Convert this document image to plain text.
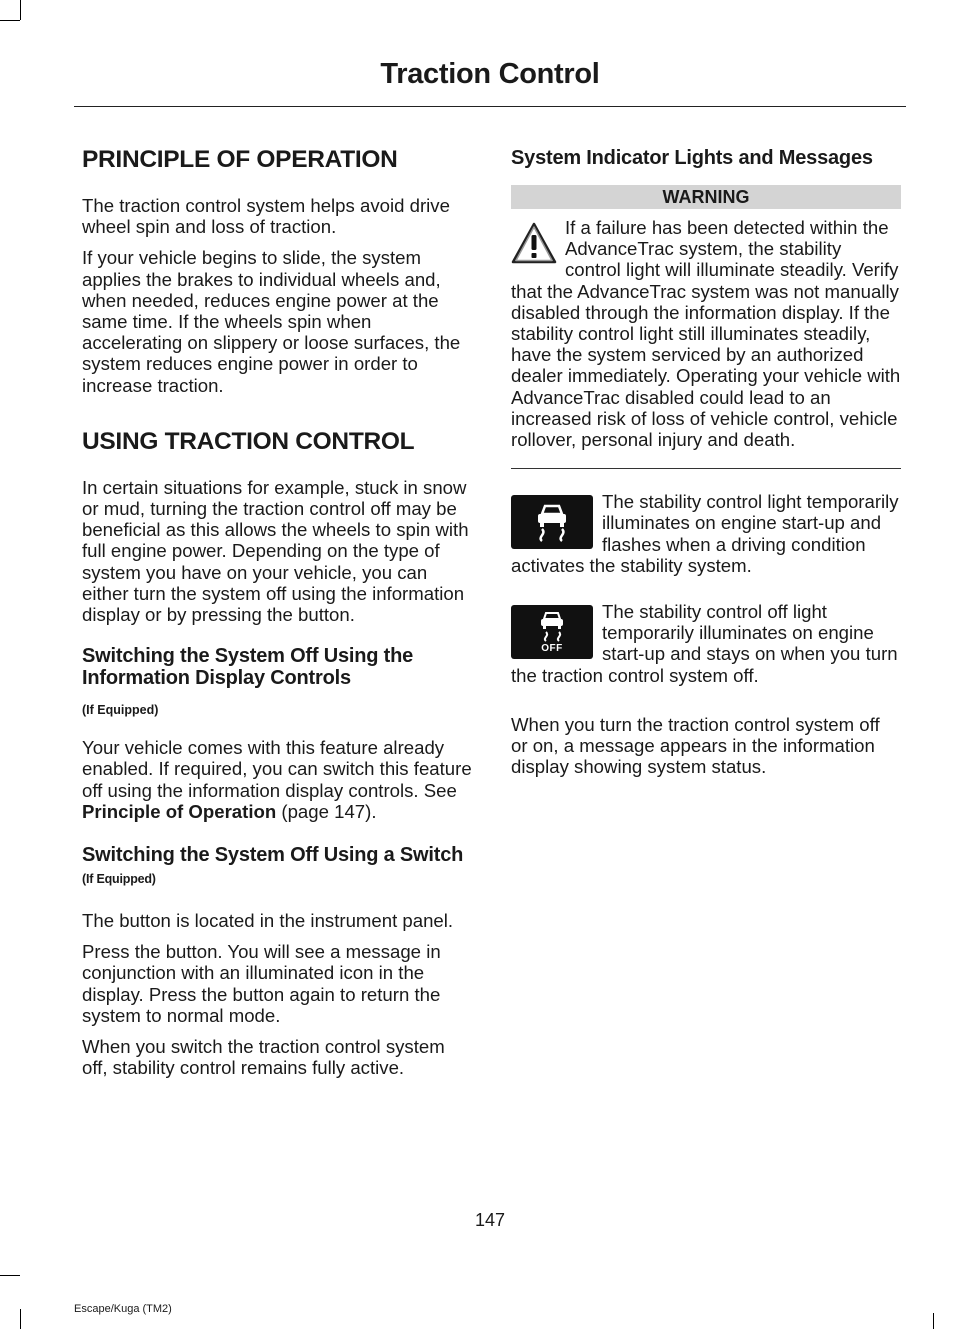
Traction Control
PRINCIPLE OF OPERATION

The traction control system helps avoid drive wheel spin and loss of traction.

If your vehicle begins to slide, the system applies the brakes to individual wheels and, when needed, reduces engine power at the same time. If the wheels spin when accelerating on slippery or loose surfaces, the system reduces engine power in order to increase traction.

USING TRACTION CONTROL

In certain situations for example, stuck in snow or mud, turning the traction control off may be beneficial as this allows the wheels to spin with full engine power. Depending on the type of system you have on your vehicle, you can either turn the system off using the information display or by pressing the button.

Switching the System Off Using the Information Display Controls
(If Equipped)

Your vehicle comes with this feature already enabled. If required, you can switch this feature off using the information display controls. See Principle of Operation (page 147).

Switching the System Off Using a Switch (If Equipped)

The button is located in the instrument panel.

Press the button. You will see a message in conjunction with an illuminated icon in the display. Press the button again to return the system to normal mode.

When you switch the traction control system off, stability control remains fully active.

System Indicator Lights and Messages
WARNING

If a failure has been detected within the AdvanceTrac system, the stability control light will illuminate steadily. Verify that the AdvanceTrac system was not manually disabled through the information display. If the stability control light still illuminates steadily, have the system serviced by an authorized dealer immediately. Operating your vehicle with AdvanceTrac disabled could lead to an increased risk of loss of vehicle control, vehicle rollover, personal injury and death.

The stability control light temporarily illuminates on engine start-up and flashes when a driving condition activates the stability system.

OFF

The stability control off light temporarily illuminates on engine start-up and stays on when you turn the traction control system off.

When you turn the traction control system off or on, a message appears in the information display showing system status.

147
Escape/Kuga (TM2)
